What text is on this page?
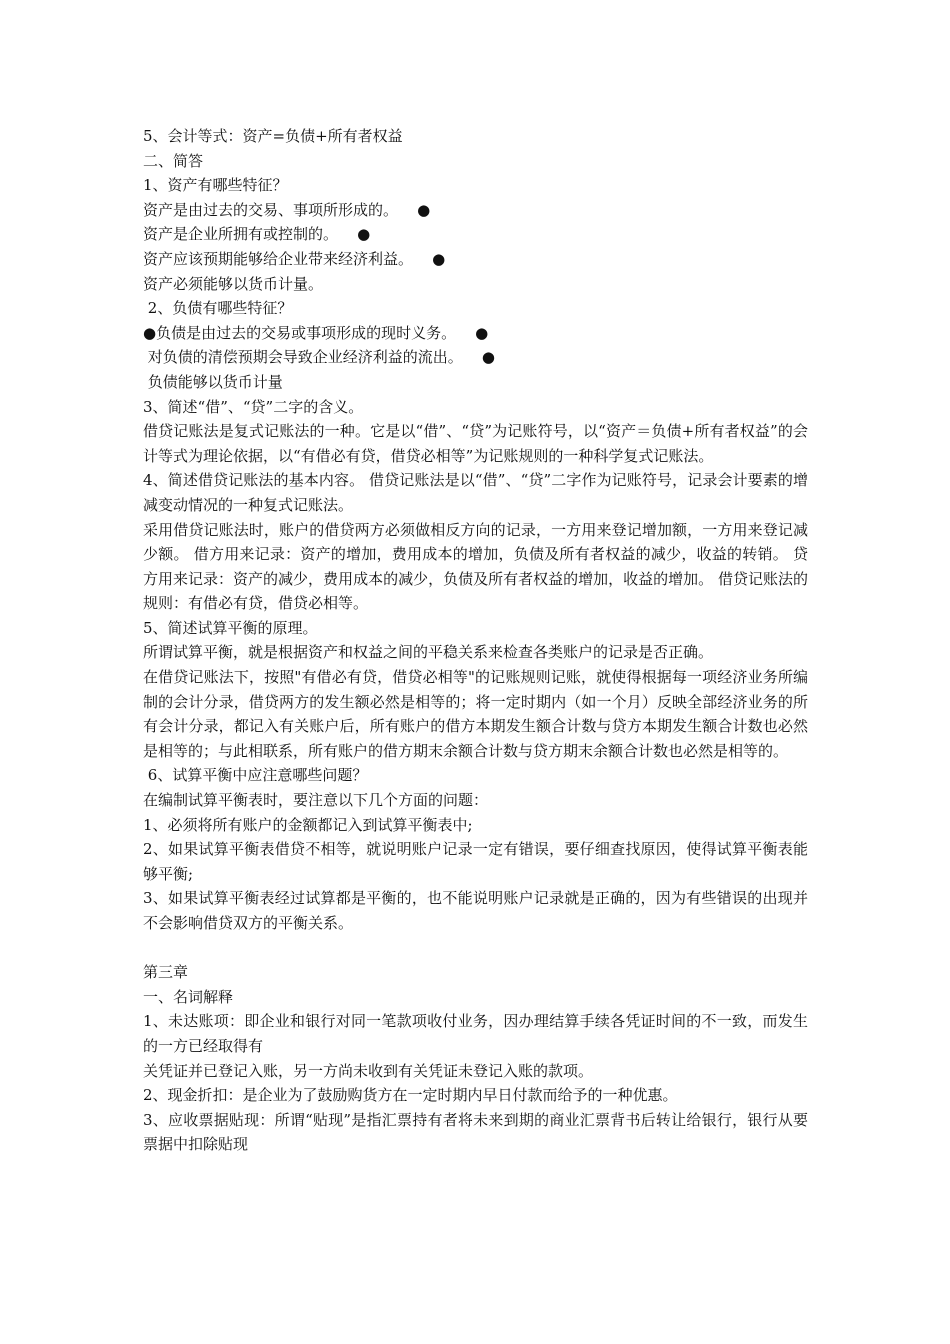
5、会计等式：资产=负债+所有者权益
二、简答
1、资产有哪些特征？
资产是由过去的交易、事项所形成的。    ●
资产是企业所拥有或控制的。    ●
资产应该预期能够给企业带来经济利益。    ●
资产必须能够以货币计量。
2、负债有哪些特征？
●负债是由过去的交易或事项形成的现时义务。    ●
对负债的清偿预期会导致企业经济利益的流出。    ●
负债能够以货币计量
3、简述“借”、“贷”二字的含义。
借贷记账法是复式记账法的一种。它是以“借”、“贷”为记账符号，以“资产＝负债+所有者权益”的会计等式为理论依据，以“有借必有贷，借贷必相等”为记账规则的一种科学复式记账法。
4、简述借贷记账法的基本内容。 借贷记账法是以“借”、“贷”二字作为记账符号，记录会计要素的增减变动情况的一种复式记账法。
采用借贷记账法时，账户的借贷两方必须做相反方向的记录，一方用来登记增加额，一方用来登记减少额。 借方用来记录：资产的增加，费用成本的增加，负债及所有者权益的减少，收益的转销。 贷方用来记录：资产的减少，费用成本的减少，负债及所有者权益的增加，收益的增加。 借贷记账法的规则：有借必有贷，借贷必相等。
5、简述试算平衡的原理。
所谓试算平衡，就是根据资产和权益之间的平稳关系来检查各类账户的记录是否正确。
在借贷记账法下，按照"有借必有贷，借贷必相等"的记账规则记账，就使得根据每一项经济业务所编制的会计分录，借贷两方的发生额必然是相等的；将一定时期内（如一个月）反映全部经济业务的所有会计分录，都记入有关账户后，所有账户的借方本期发生额合计数与贷方本期发生额合计数也必然是相等的；与此相联系，所有账户的借方期末余额合计数与贷方期末余额合计数也必然是相等的。
6、试算平衡中应注意哪些问题？
在编制试算平衡表时，要注意以下几个方面的问题：
1、必须将所有账户的金额都记入到试算平衡表中;
2、如果试算平衡表借贷不相等，就说明账户记录一定有错误，要仔细查找原因，使得试算平衡表能够平衡;
3、如果试算平衡表经过试算都是平衡的，也不能说明账户记录就是正确的，因为有些错误的出现并不会影响借贷双方的平衡关系。
第三章
一、名词解释
1、未达账项：即企业和银行对同一笔款项收付业务，因办理结算手续各凭证时间的不一致，而发生的一方已经取得有
关凭证并已登记入账，另一方尚未收到有关凭证未登记入账的款项。
2、现金折扣：是企业为了鼓励购货方在一定时期内早日付款而给予的一种优惠。
3、应收票据贴现：所谓“贴现”是指汇票持有者将未来到期的商业汇票背书后转让给银行，银行从要票据中扣除贴现
